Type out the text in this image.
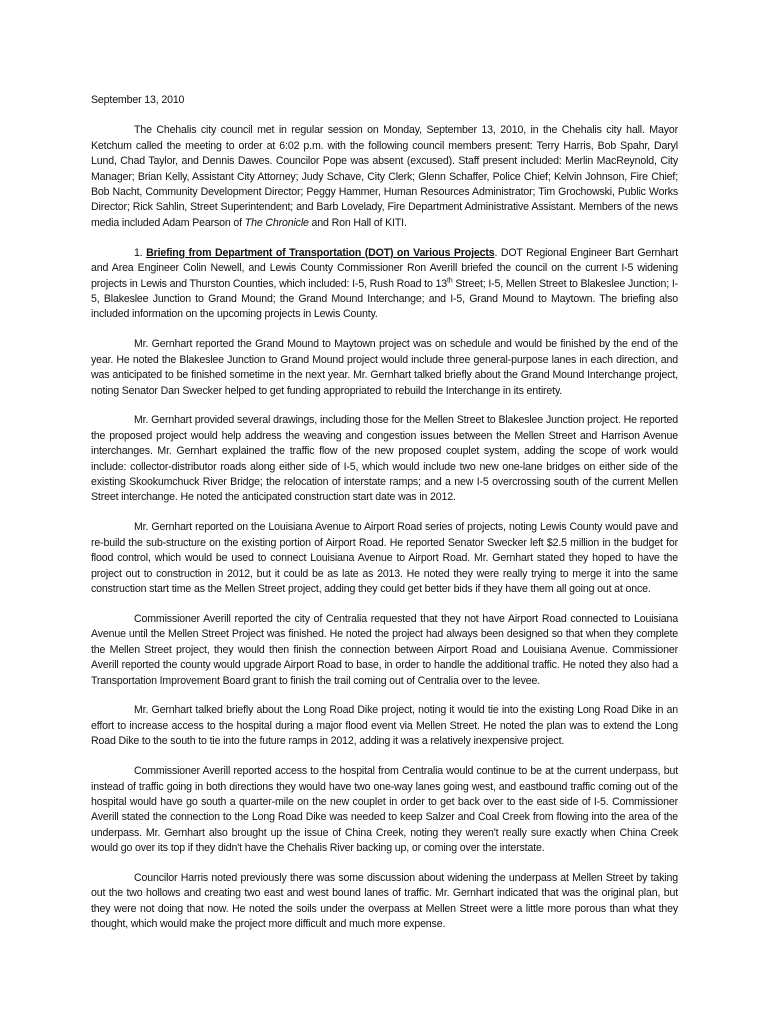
September 13, 2010

The Chehalis city council met in regular session on Monday, September 13, 2010, in the Chehalis city hall. Mayor Ketchum called the meeting to order at 6:02 p.m. with the following council members present: Terry Harris, Bob Spahr, Daryl Lund, Chad Taylor, and Dennis Dawes. Councilor Pope was absent (excused). Staff present included: Merlin MacReynold, City Manager; Brian Kelly, Assistant City Attorney; Judy Schave, City Clerk; Glenn Schaffer, Police Chief; Kelvin Johnson, Fire Chief; Bob Nacht, Community Development Director; Peggy Hammer, Human Resources Administrator; Tim Grochowski, Public Works Director; Rick Sahlin, Street Superintendent; and Barb Lovelady, Fire Department Administrative Assistant. Members of the news media included Adam Pearson of The Chronicle and Ron Hall of KITI.

1. Briefing from Department of Transportation (DOT) on Various Projects. DOT Regional Engineer Bart Gernhart and Area Engineer Colin Newell, and Lewis County Commissioner Ron Averill briefed the council on the current I-5 widening projects in Lewis and Thurston Counties, which included: I-5, Rush Road to 13th Street; I-5, Mellen Street to Blakeslee Junction; I-5, Blakeslee Junction to Grand Mound; the Grand Mound Interchange; and I-5, Grand Mound to Maytown. The briefing also included information on the upcoming projects in Lewis County.

Mr. Gernhart reported the Grand Mound to Maytown project was on schedule and would be finished by the end of the year. He noted the Blakeslee Junction to Grand Mound project would include three general-purpose lanes in each direction, and was anticipated to be finished sometime in the next year. Mr. Gernhart talked briefly about the Grand Mound Interchange project, noting Senator Dan Swecker helped to get funding appropriated to rebuild the Interchange in its entirety.

Mr. Gernhart provided several drawings, including those for the Mellen Street to Blakeslee Junction project. He reported the proposed project would help address the weaving and congestion issues between the Mellen Street and Harrison Avenue interchanges. Mr. Gernhart explained the traffic flow of the new proposed couplet system, adding the scope of work would include: collector-distributor roads along either side of I-5, which would include two new one-lane bridges on either side of the existing Skookumchuck River Bridge; the relocation of interstate ramps; and a new I-5 overcrossing south of the current Mellen Street interchange. He noted the anticipated construction start date was in 2012.

Mr. Gernhart reported on the Louisiana Avenue to Airport Road series of projects, noting Lewis County would pave and re-build the sub-structure on the existing portion of Airport Road. He reported Senator Swecker left $2.5 million in the budget for flood control, which would be used to connect Louisiana Avenue to Airport Road. Mr. Gernhart stated they hoped to have the project out to construction in 2012, but it could be as late as 2013. He noted they were really trying to merge it into the same construction start time as the Mellen Street project, adding they could get better bids if they have them all going out at once.

Commissioner Averill reported the city of Centralia requested that they not have Airport Road connected to Louisiana Avenue until the Mellen Street Project was finished. He noted the project had always been designed so that when they complete the Mellen Street project, they would then finish the connection between Airport Road and Louisiana Avenue. Commissioner Averill reported the county would upgrade Airport Road to base, in order to handle the additional traffic. He noted they also had a Transportation Improvement Board grant to finish the trail coming out of Centralia over to the levee.

Mr. Gernhart talked briefly about the Long Road Dike project, noting it would tie into the existing Long Road Dike in an effort to increase access to the hospital during a major flood event via Mellen Street. He noted the plan was to extend the Long Road Dike to the south to tie into the future ramps in 2012, adding it was a relatively inexpensive project.

Commissioner Averill reported access to the hospital from Centralia would continue to be at the current underpass, but instead of traffic going in both directions they would have two one-way lanes going west, and eastbound traffic coming out of the hospital would have go south a quarter-mile on the new couplet in order to get back over to the east side of I-5. Commissioner Averill stated the connection to the Long Road Dike was needed to keep Salzer and Coal Creek from flowing into the area of the underpass. Mr. Gernhart also brought up the issue of China Creek, noting they weren't really sure exactly when China Creek would go over its top if they didn't have the Chehalis River backing up, or coming over the interstate.

Councilor Harris noted previously there was some discussion about widening the underpass at Mellen Street by taking out the two hollows and creating two east and west bound lanes of traffic. Mr. Gernhart indicated that was the original plan, but they were not doing that now. He noted the soils under the overpass at Mellen Street were a little more porous than what they thought, which would make the project more difficult and much more expense.
